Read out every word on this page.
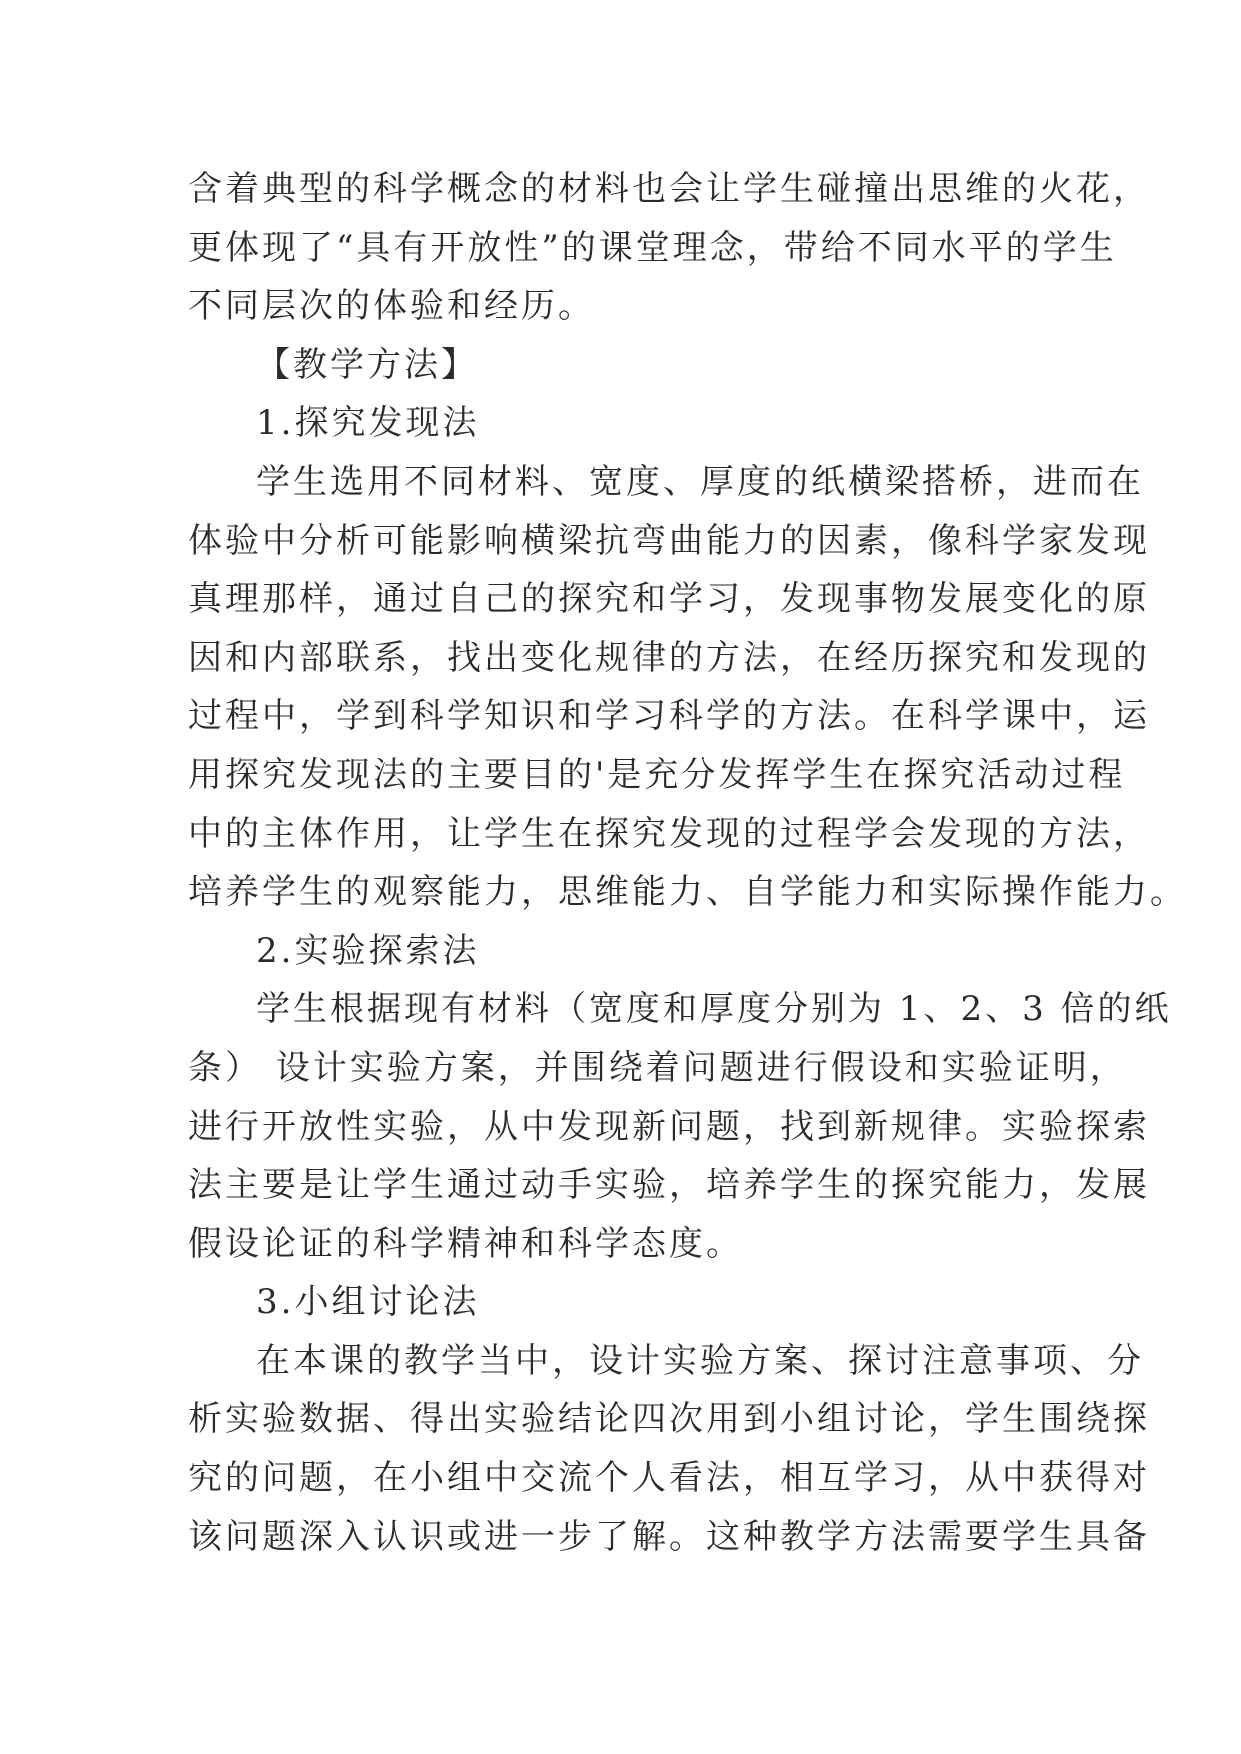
含着典型的科学概念的材料也会让学生碰撞出思维的火花，
更体现了“具有开放性”的课堂理念，带给不同水平的学生
不同层次的体验和经历。
【教学方法】
1.探究发现法
学生选用不同材料、宽度、厚度的纸横梁搭桥，进而在
体验中分析可能影响横梁抗弯曲能力的因素，像科学家发现
真理那样，通过自己的探究和学习，发现事物发展变化的原
因和内部联系，找出变化规律的方法，在经历探究和发现的
过程中，学到科学知识和学习科学的方法。在科学课中，运
用探究发现法的主要目的'是充分发挥学生在探究活动过程
中的主体作用，让学生在探究发现的过程学会发现的方法，
培养学生的观察能力，思维能力、自学能力和实际操作能力。
2.实验探索法
学生根据现有材料（宽度和厚度分别为 1、2、3 倍的纸
条） 设计实验方案，并围绕着问题进行假设和实验证明，
进行开放性实验，从中发现新问题，找到新规律。实验探索
法主要是让学生通过动手实验，培养学生的探究能力，发展
假设论证的科学精神和科学态度。
3.小组讨论法
在本课的教学当中，设计实验方案、探讨注意事项、分
析实验数据、得出实验结论四次用到小组讨论，学生围绕探
究的问题，在小组中交流个人看法，相互学习，从中获得对
该问题深入认识或进一步了解。这种教学方法需要学生具备
